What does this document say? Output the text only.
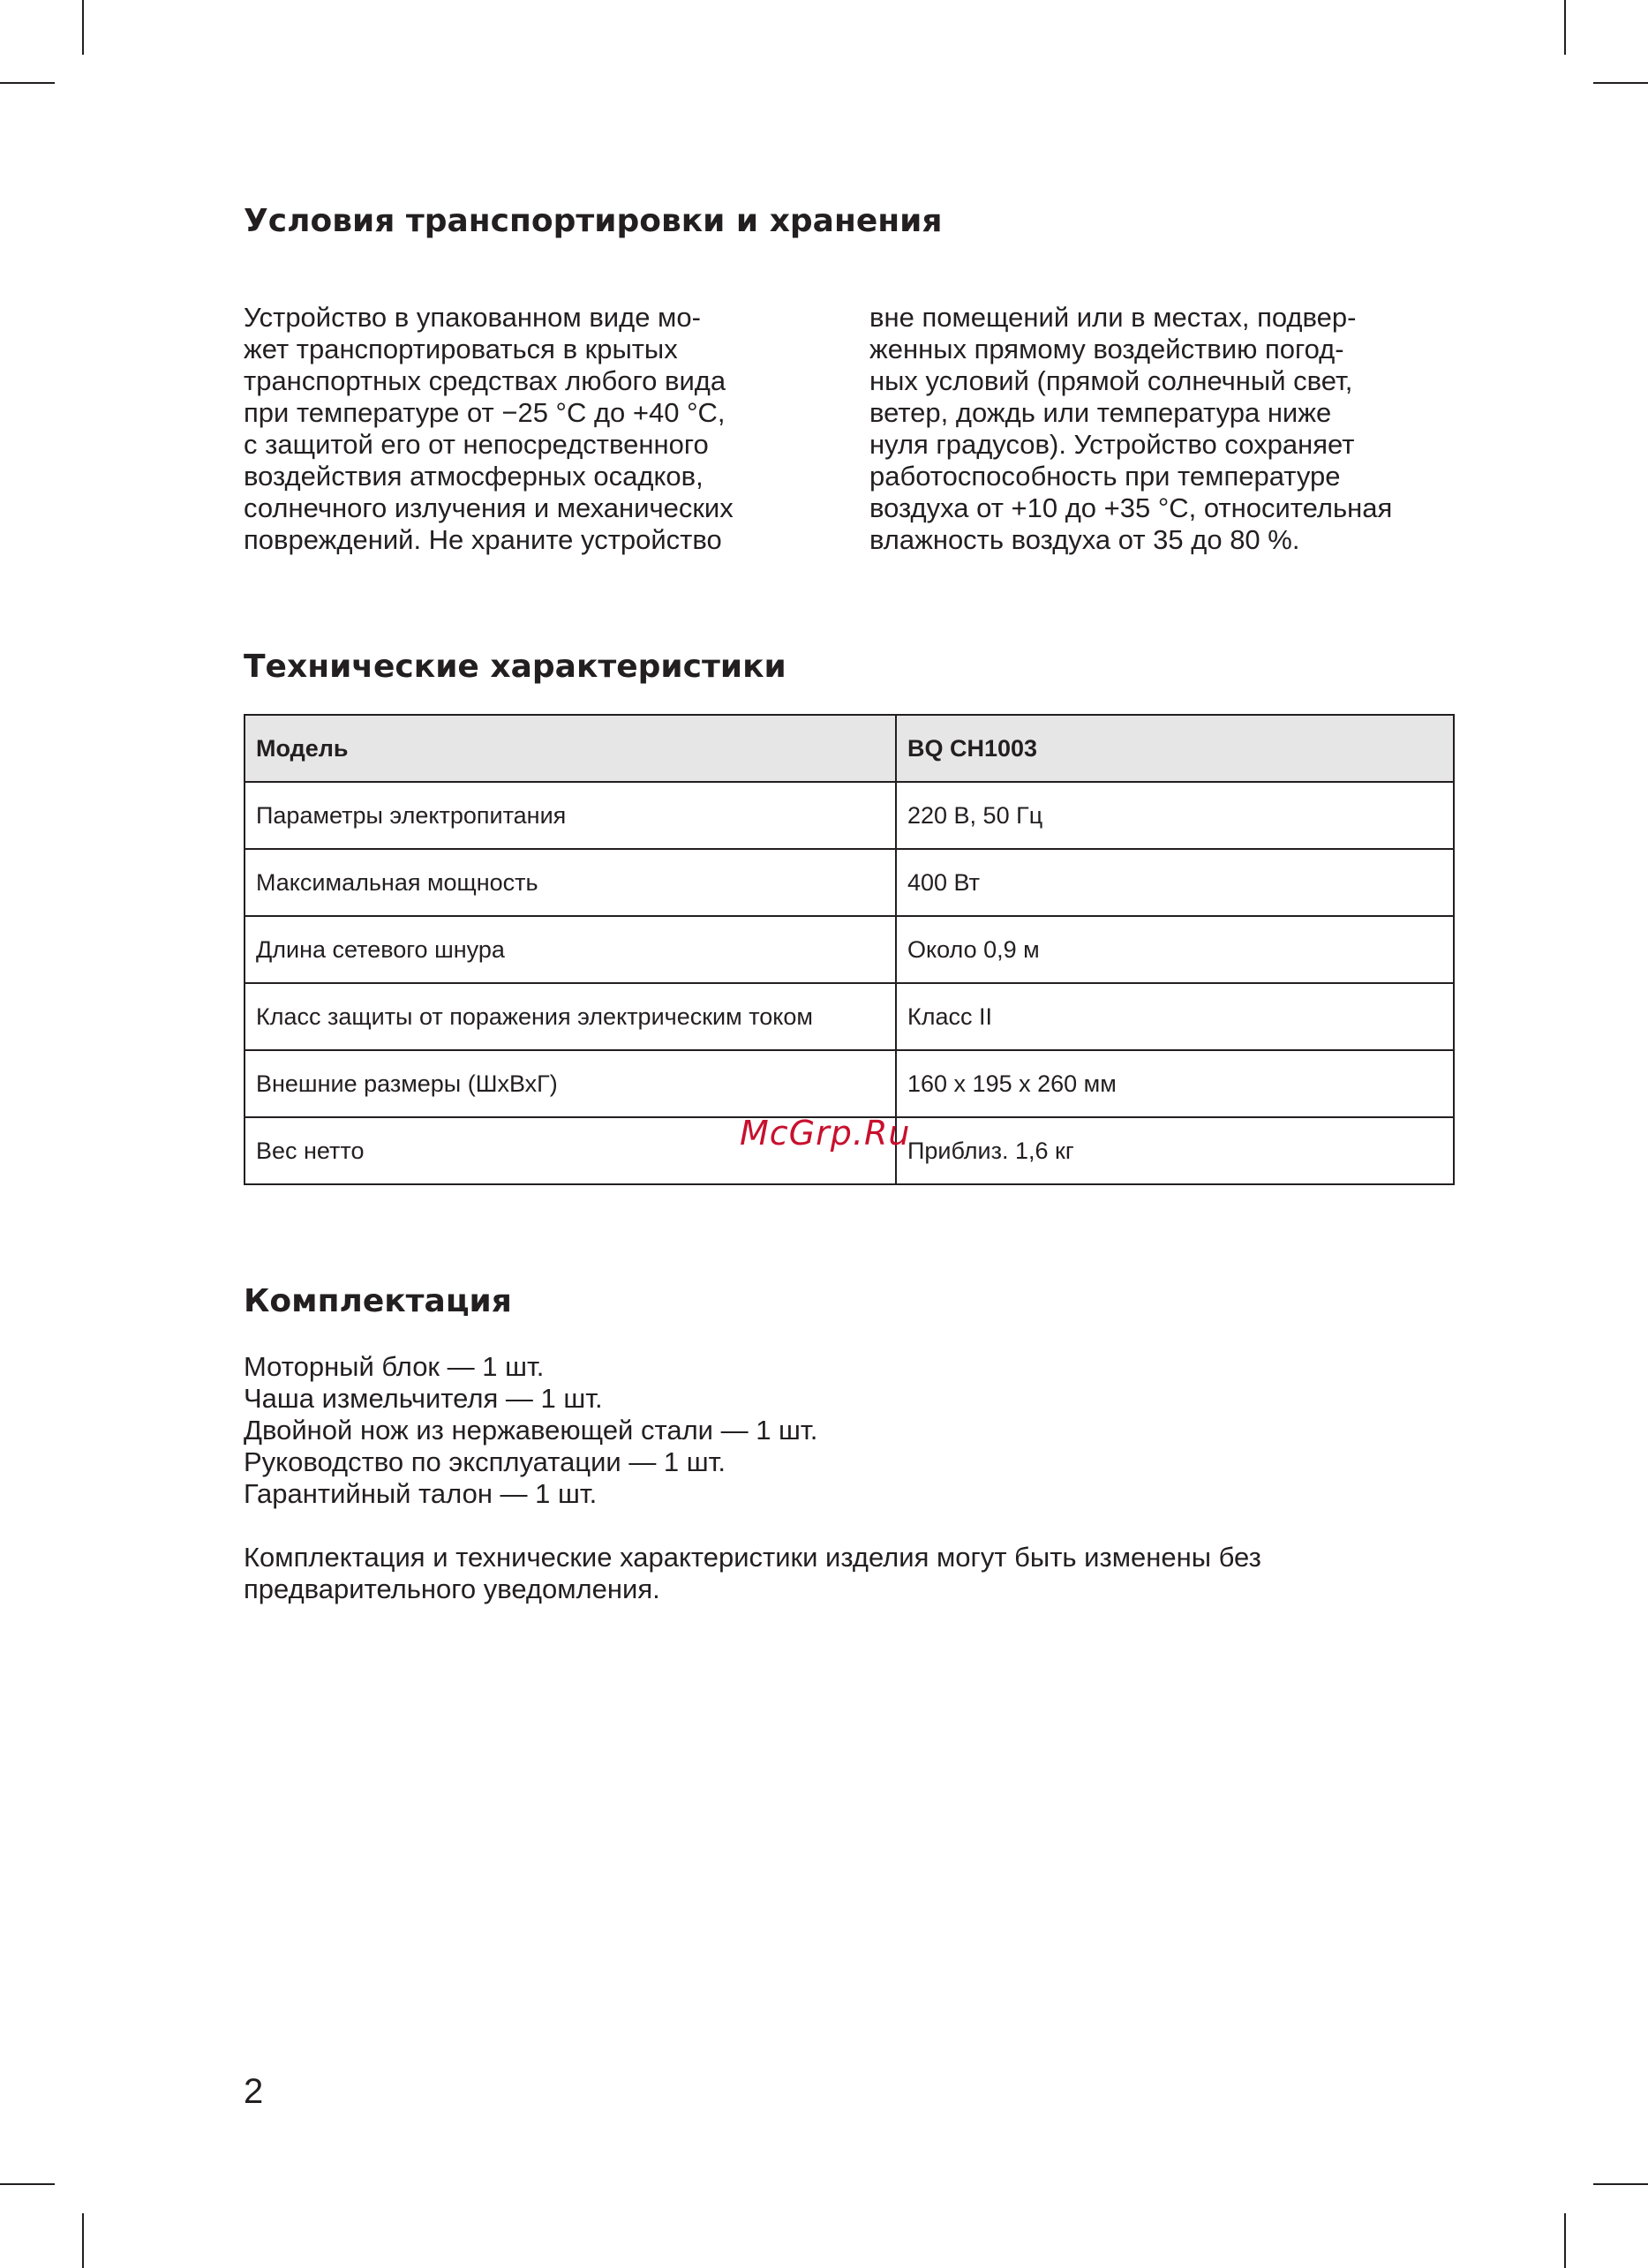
Условия транспортировки и хранения

Устройство в упакованном виде мо-

жет транспортироваться в крытых

транспортных средствах любого вида

при температуре от −25 °С до +40 °С,

с защитой его от непосредственного

воздействия атмосферных осадков,

солнечного излучения и механических

повреждений. Не храните устройство

вне помещений или в местах, подвер-

женных прямому воздействию погод-

ных условий (прямой солнечный свет,

ветер, дождь или температура ниже

нуля градусов). Устройство сохраняет

работоспособность при температуре

воздуха от +10 до +35 °С, относительная

влажность воздуха от 35 до 80 %.

Технические характеристики
Модель	BQ CH1003
Параметры электропитания	220 В, 50 Гц
Максимальная мощность	400 Вт
Длина сетевого шнура	Около 0,9 м
Класс защиты от поражения электрическим током	Класс II
Внешние размеры (ШхВхГ)	160 х 195 х 260 мм
Вес нетто	Приблиз. 1,6 кг
McGrp.Ru
Комплектация

Моторный блок — 1 шт.

Чаша измельчителя — 1 шт.

Двойной нож из нержавеющей стали — 1 шт.

Руководство по эксплуатации — 1 шт.

Гарантийный талон — 1 шт.

Комплектация и технические характеристики изделия могут быть изменены без

предварительного уведомления.

2
